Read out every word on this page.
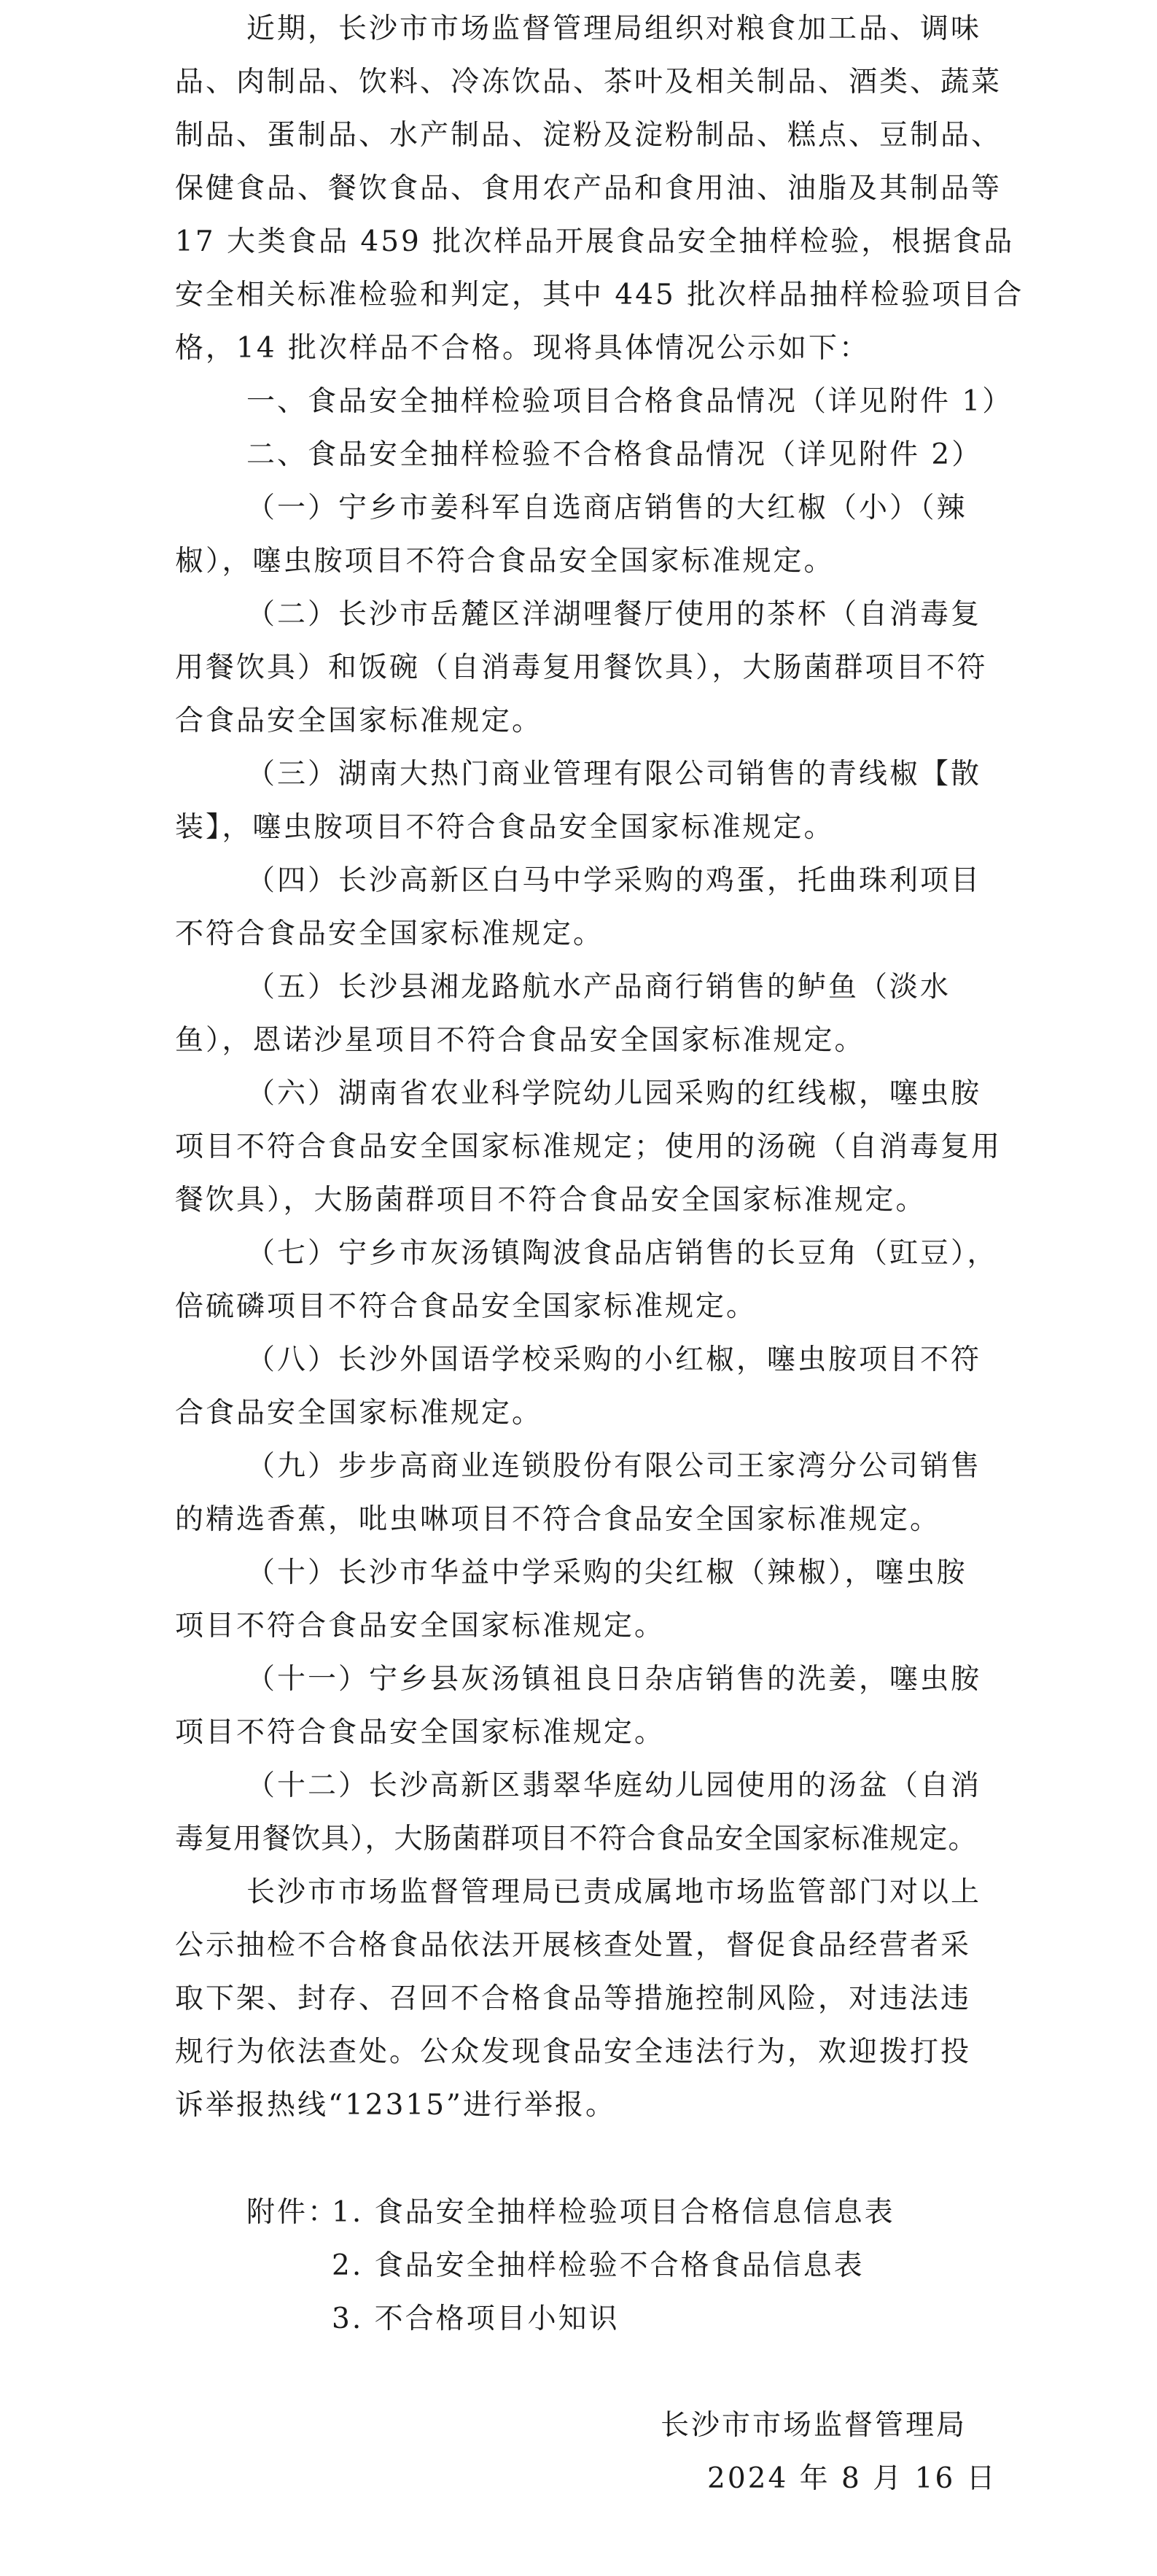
近期，长沙市市场监督管理局组织对粮食加工品、调味
品、肉制品、饮料、冷冻饮品、茶叶及相关制品、酒类、蔬菜
制品、蛋制品、水产制品、淀粉及淀粉制品、糕点、豆制品、
保健食品、餐饮食品、食用农产品和食用油、油脂及其制品等
17 大类食品 459 批次样品开展食品安全抽样检验，根据食品
安全相关标准检验和判定，其中 445 批次样品抽样检验项目合
格，14 批次样品不合格。现将具体情况公示如下：
一、食品安全抽样检验项目合格食品情况（详见附件 1）
二、食品安全抽样检验不合格食品情况（详见附件 2）
（一）宁乡市姜科军自选商店销售的大红椒（小）（辣
椒），噻虫胺项目不符合食品安全国家标准规定。
（二）长沙市岳麓区洋湖哩餐厅使用的茶杯（自消毒复
用餐饮具）和饭碗（自消毒复用餐饮具），大肠菌群项目不符
合食品安全国家标准规定。
（三）湖南大热门商业管理有限公司销售的青线椒【散
装】，噻虫胺项目不符合食品安全国家标准规定。
（四）长沙高新区白马中学采购的鸡蛋，托曲珠利项目
不符合食品安全国家标准规定。
（五）长沙县湘龙路航水产品商行销售的鲈鱼（淡水
鱼），恩诺沙星项目不符合食品安全国家标准规定。
（六）湖南省农业科学院幼儿园采购的红线椒，噻虫胺
项目不符合食品安全国家标准规定；使用的汤碗（自消毒复用
餐饮具），大肠菌群项目不符合食品安全国家标准规定。
（七）宁乡市灰汤镇陶波食品店销售的长豆角（豇豆），
倍硫磷项目不符合食品安全国家标准规定。
（八）长沙外国语学校采购的小红椒，噻虫胺项目不符
合食品安全国家标准规定。
（九）步步高商业连锁股份有限公司王家湾分公司销售
的精选香蕉，吡虫啉项目不符合食品安全国家标准规定。
（十）长沙市华益中学采购的尖红椒（辣椒），噻虫胺
项目不符合食品安全国家标准规定。
（十一）宁乡县灰汤镇祖良日杂店销售的洗姜，噻虫胺
项目不符合食品安全国家标准规定。
（十二）长沙高新区翡翠华庭幼儿园使用的汤盆（自消
毒复用餐饮具），大肠菌群项目不符合食品安全国家标准规定。
长沙市市场监督管理局已责成属地市场监管部门对以上
公示抽检不合格食品依法开展核查处置，督促食品经营者采
取下架、封存、召回不合格食品等措施控制风险，对违法违
规行为依法查处。公众发现食品安全违法行为，欢迎拨打投
诉举报热线“12315”进行举报。
附件：
1. 食品安全抽样检验项目合格信息信息表
2. 食品安全抽样检验不合格食品信息表
3. 不合格项目小知识
长沙市市场监督管理局
2024 年 8 月 16 日
